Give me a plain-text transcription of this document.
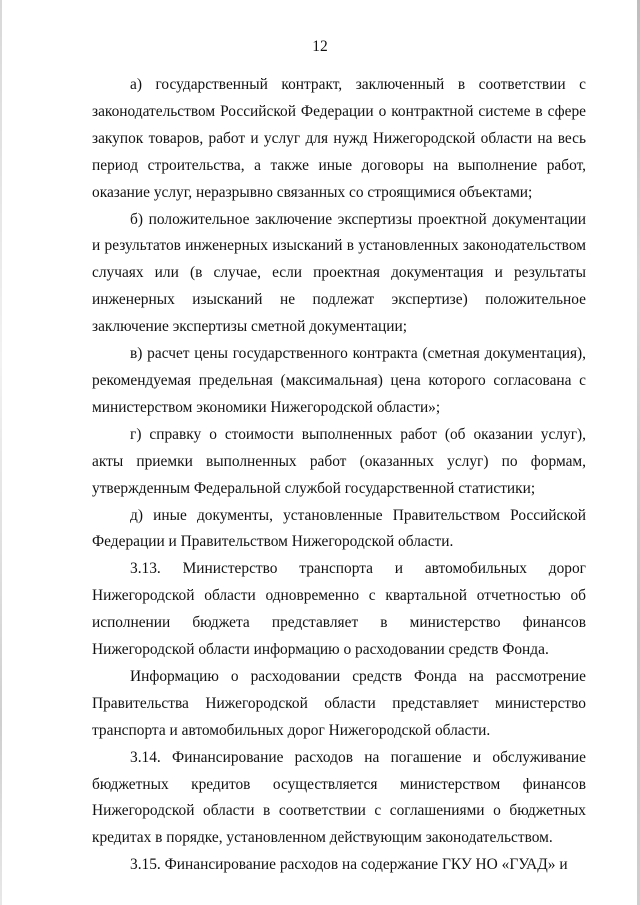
12

а) государственный контракт, заключенный в соответствии с законодательством Российской Федерации о контрактной системе в сфере закупок товаров, работ и услуг для нужд Нижегородской области на весь период строительства, а также иные договоры на выполнение работ, оказание услуг, неразрывно связанных со строящимися объектами;

б) положительное заключение экспертизы проектной документации и результатов инженерных изысканий в установленных законодательством случаях или (в случае, если проектная документация и результаты инженерных изысканий не подлежат экспертизе) положительное заключение экспертизы сметной документации;

в) расчет цены государственного контракта (сметная документация), рекомендуемая предельная (максимальная) цена которого согласована с министерством экономики Нижегородской области»;

г) справку о стоимости выполненных работ (об оказании услуг), акты приемки выполненных работ (оказанных услуг) по формам, утвержденным Федеральной службой государственной статистики;

д) иные документы, установленные Правительством Российской Федерации и Правительством Нижегородской области.

3.13. Министерство транспорта и автомобильных дорог Нижегородской области одновременно с квартальной отчетностью об исполнении бюджета представляет в министерство финансов Нижегородской области информацию о расходовании средств Фонда.

Информацию о расходовании средств Фонда на рассмотрение Правительства Нижегородской области представляет министерство транспорта и автомобильных дорог Нижегородской области.

3.14. Финансирование расходов на погашение и обслуживание бюджетных кредитов осуществляется министерством финансов Нижегородской области в соответствии с соглашениями о бюджетных кредитах в порядке, установленном действующим законодательством.

3.15. Финансирование расходов на содержание ГКУ НО «ГУАД» и
